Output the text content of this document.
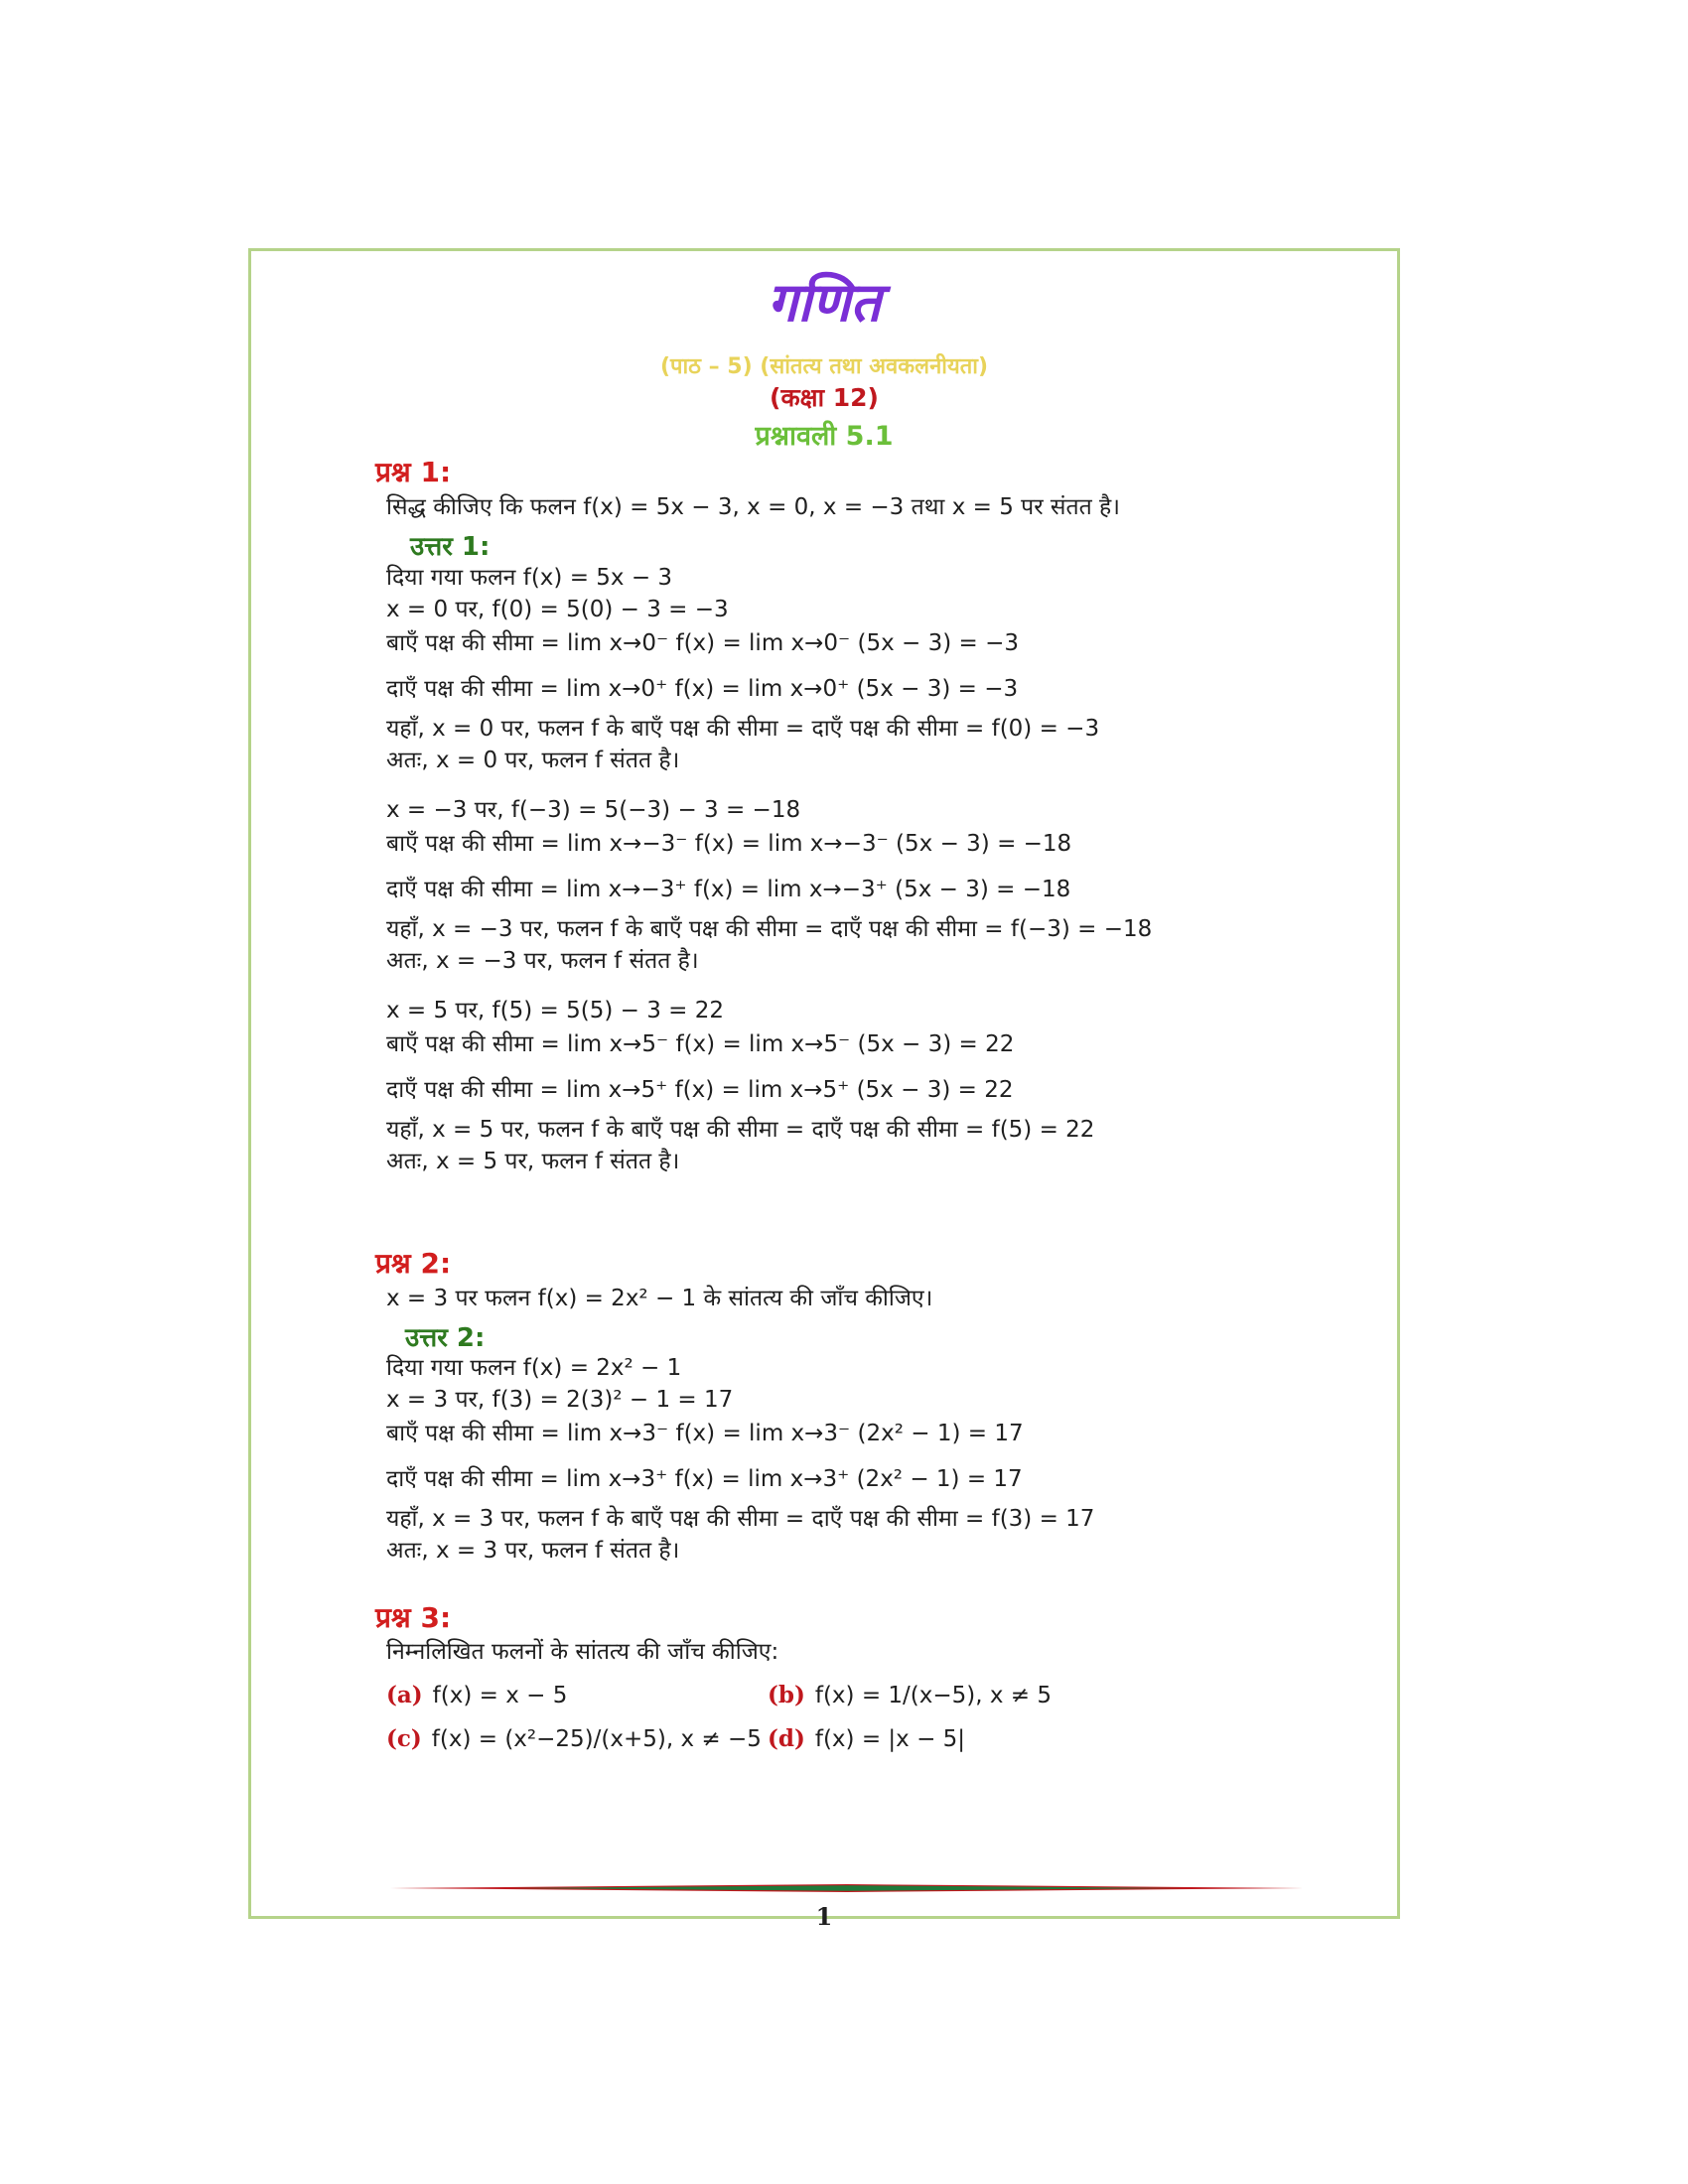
गणित
(पाठ – 5) (सांतत्य तथा अवकलनीयता)
(कक्षा 12)
प्रश्नावली 5.1
प्रश्न 1:
सिद्ध कीजिए कि फलन f(x) = 5x − 3, x = 0, x = −3 तथा x = 5 पर संतत है।
उत्तर 1:
दिया गया फलन f(x) = 5x − 3
x = 0 पर, f(0) = 5(0) − 3 = −3
बाएँ पक्ष की सीमा = lim x→0⁻ f(x) = lim x→0⁻ (5x − 3) = −3
दाएँ पक्ष की सीमा = lim x→0⁺ f(x) = lim x→0⁺ (5x − 3) = −3
यहाँ, x = 0 पर, फलन f के बाएँ पक्ष की सीमा = दाएँ पक्ष की सीमा = f(0) = −3
अतः, x = 0 पर, फलन f संतत है।
x = −3 पर, f(−3) = 5(−3) − 3 = −18
बाएँ पक्ष की सीमा = lim x→−3⁻ f(x) = lim x→−3⁻ (5x − 3) = −18
दाएँ पक्ष की सीमा = lim x→−3⁺ f(x) = lim x→−3⁺ (5x − 3) = −18
यहाँ, x = −3 पर, फलन f के बाएँ पक्ष की सीमा = दाएँ पक्ष की सीमा = f(−3) = −18
अतः, x = −3 पर, फलन f संतत है।
x = 5 पर, f(5) = 5(5) − 3 = 22
बाएँ पक्ष की सीमा = lim x→5⁻ f(x) = lim x→5⁻ (5x − 3) = 22
दाएँ पक्ष की सीमा = lim x→5⁺ f(x) = lim x→5⁺ (5x − 3) = 22
यहाँ, x = 5 पर, फलन f के बाएँ पक्ष की सीमा = दाएँ पक्ष की सीमा = f(5) = 22
अतः, x = 5 पर, फलन f संतत है।
प्रश्न 2:
x = 3 पर फलन f(x) = 2x² − 1 के सांतत्य की जाँच कीजिए।
उत्तर 2:
दिया गया फलन f(x) = 2x² − 1
x = 3 पर, f(3) = 2(3)² − 1 = 17
बाएँ पक्ष की सीमा = lim x→3⁻ f(x) = lim x→3⁻ (2x² − 1) = 17
दाएँ पक्ष की सीमा = lim x→3⁺ f(x) = lim x→3⁺ (2x² − 1) = 17
यहाँ, x = 3 पर, फलन f के बाएँ पक्ष की सीमा = दाएँ पक्ष की सीमा = f(3) = 17
अतः, x = 3 पर, फलन f संतत है।
प्रश्न 3:
निम्नलिखित फलनों के सांतत्य की जाँच कीजिए:
(a) f(x) = x − 5	(b) f(x) = 1/(x−5), x ≠ 5
(c) f(x) = (x²−25)/(x+5), x ≠ −5 (d) f(x) = |x − 5|
1
